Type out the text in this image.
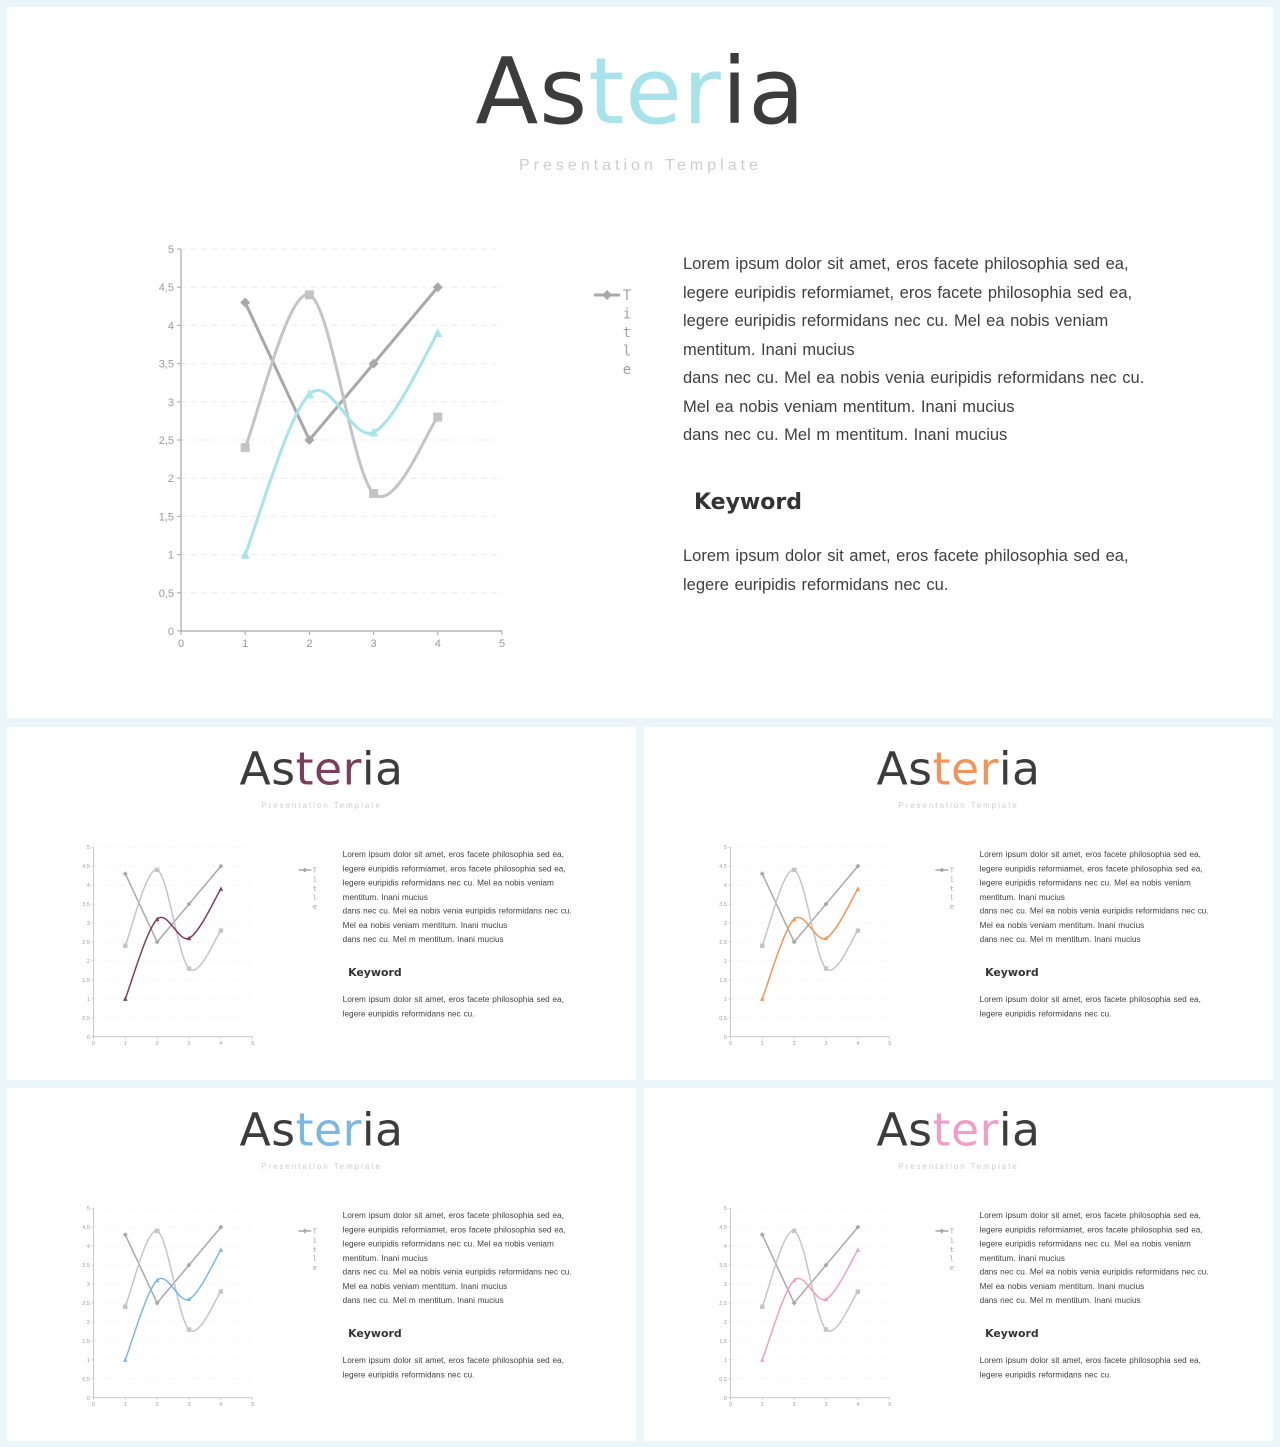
Asteria
Presentation Template
0
0,5
1
1,5
2
2,5
3
3,5
4
4,5
5
0	1	2	3	4	5
T i t l e

Lorem ipsum dolor sit amet, eros facete philosophia sed ea,
legere euripidis reformiamet, eros facete philosophia sed ea,
legere euripidis reformidans nec cu. Mel ea nobis veniam
mentitum. Inani mucius
dans nec cu. Mel ea nobis venia euripidis reformidans nec cu.
Mel ea nobis veniam mentitum. Inani mucius
dans nec cu. Mel m mentitum. Inani mucius

Keyword

Lorem ipsum dolor sit amet, eros facete philosophia sed ea,
legere euripidis reformidans nec cu.

Asteria
Presentation Template
0
0,5
1
1,5
2
2,5
3
3,5
4
4,5
5
0	1	2	3	4	5
T i t l e

Lorem ipsum dolor sit amet, eros facete philosophia sed ea,
legere euripidis reformiamet, eros facete philosophia sed ea,
legere euripidis reformidans nec cu. Mel ea nobis veniam
mentitum. Inani mucius
dans nec cu. Mel ea nobis venia euripidis reformidans nec cu.
Mel ea nobis veniam mentitum. Inani mucius
dans nec cu. Mel m mentitum. Inani mucius

Keyword

Lorem ipsum dolor sit amet, eros facete philosophia sed ea,
legere euripidis reformidans nec cu.

Asteria
Presentation Template
0
0,5
1
1,5
2
2,5
3
3,5
4
4,5
5
0	1	2	3	4	5
T i t l e

Lorem ipsum dolor sit amet, eros facete philosophia sed ea,
legere euripidis reformiamet, eros facete philosophia sed ea,
legere euripidis reformidans nec cu. Mel ea nobis veniam
mentitum. Inani mucius
dans nec cu. Mel ea nobis venia euripidis reformidans nec cu.
Mel ea nobis veniam mentitum. Inani mucius
dans nec cu. Mel m mentitum. Inani mucius

Keyword

Lorem ipsum dolor sit amet, eros facete philosophia sed ea,
legere euripidis reformidans nec cu.

Asteria
Presentation Template
0
0,5
1
1,5
2
2,5
3
3,5
4
4,5
5
0	1	2	3	4	5
T i t l e

Lorem ipsum dolor sit amet, eros facete philosophia sed ea,
legere euripidis reformiamet, eros facete philosophia sed ea,
legere euripidis reformidans nec cu. Mel ea nobis veniam
mentitum. Inani mucius
dans nec cu. Mel ea nobis venia euripidis reformidans nec cu.
Mel ea nobis veniam mentitum. Inani mucius
dans nec cu. Mel m mentitum. Inani mucius

Keyword

Lorem ipsum dolor sit amet, eros facete philosophia sed ea,
legere euripidis reformidans nec cu.

Asteria
Presentation Template
0
0,5
1
1,5
2
2,5
3
3,5
4
4,5
5
0	1	2	3	4	5
T i t l e

Lorem ipsum dolor sit amet, eros facete philosophia sed ea,
legere euripidis reformiamet, eros facete philosophia sed ea,
legere euripidis reformidans nec cu. Mel ea nobis veniam
mentitum. Inani mucius
dans nec cu. Mel ea nobis venia euripidis reformidans nec cu.
Mel ea nobis veniam mentitum. Inani mucius
dans nec cu. Mel m mentitum. Inani mucius

Keyword

Lorem ipsum dolor sit amet, eros facete philosophia sed ea,
legere euripidis reformidans nec cu.
